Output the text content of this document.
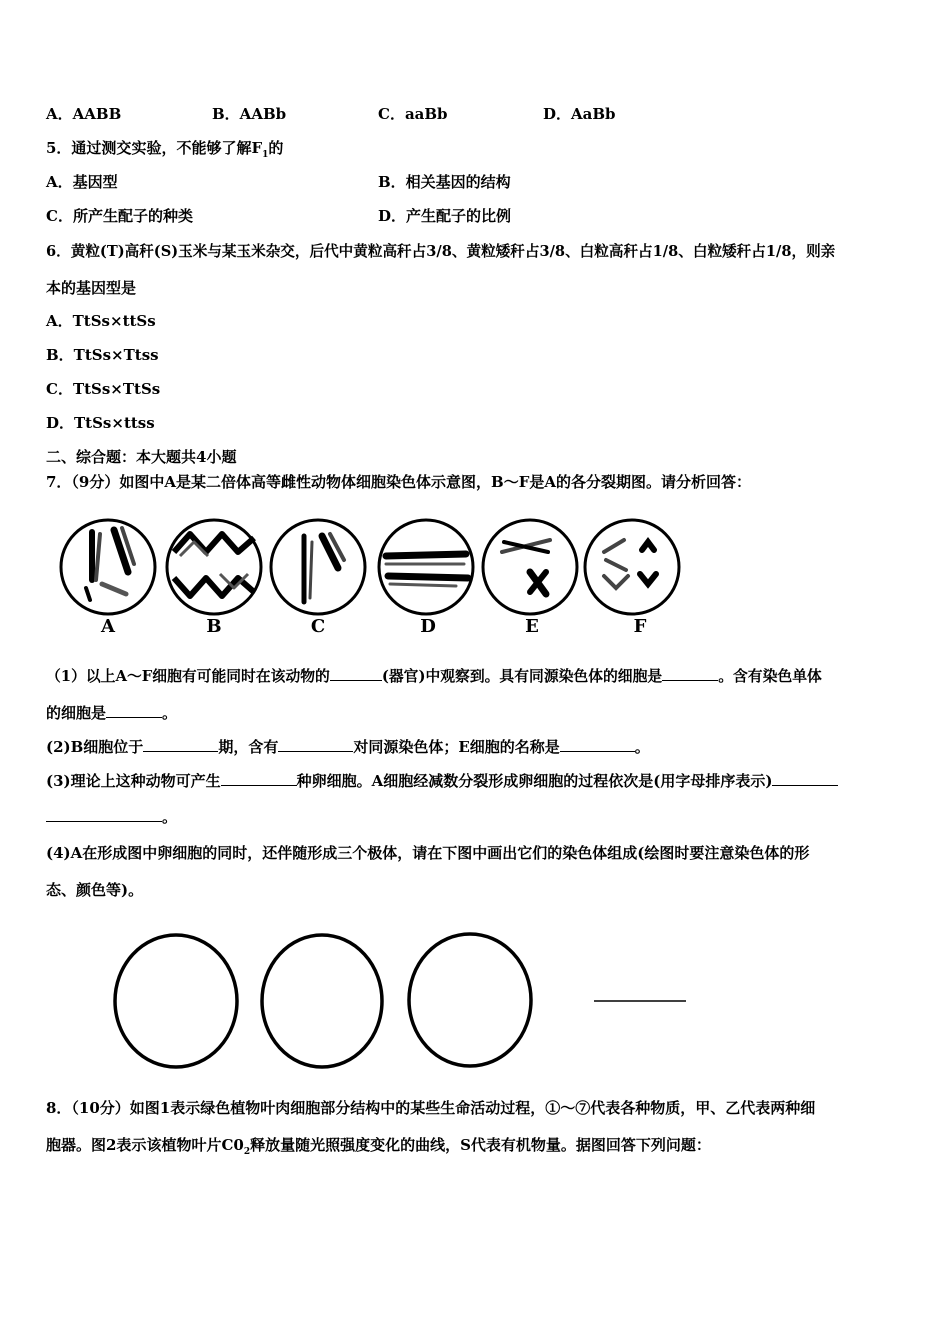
A．AABB	B．AABb	C．aaBb	D．AaBb
5．通过测交实验，不能够了解$F_1$的
A．基因型	B．相关基因的结构
C．所产生配子的种类	D．产生配子的比例
6．黄粒(T)高秆(S)玉米与某玉米杂交，后代中黄粒高秆占3/8、黄粒矮秆占3/8、白粒高秆占1/8、白粒矮秆占1/8，则亲
本的基因型是
A．TtSs×ttSs
B．TtSs×Ttss
C．TtSs×TtSs
D．TtSs×ttss
二、综合题：本大题共4小题
7．（9分）如图中A是某二倍体高等雌性动物体细胞染色体示意图，B～F是A的各分裂期图。请分析回答：
A	B	C	D	E	F
（1）以上A～F细胞有可能同时在该动物的	(器官)中观察到。具有同源染色体的细胞是	。含有染色单体
的细胞是	。
(2)B细胞位于	期，含有	对同源染色体；E细胞的名称是	。
(3)理论上这种动物可产生	种卵细胞。A细胞经减数分裂形成卵细胞的过程依次是(用字母排序表示)
。
(4)A在形成图中卵细胞的同时，还伴随形成三个极体，请在下图中画出它们的染色体组成(绘图时要注意染色体的形
态、颜色等)。
8．（10分）如图1表示绿色植物叶肉细胞部分结构中的某些生命活动过程，①～⑦代表各种物质，甲、乙代表两种细
胞器。图2表示该植物叶片$C0_2$释放量随光照强度变化的曲线，S代表有机物量。据图回答下列问题：
